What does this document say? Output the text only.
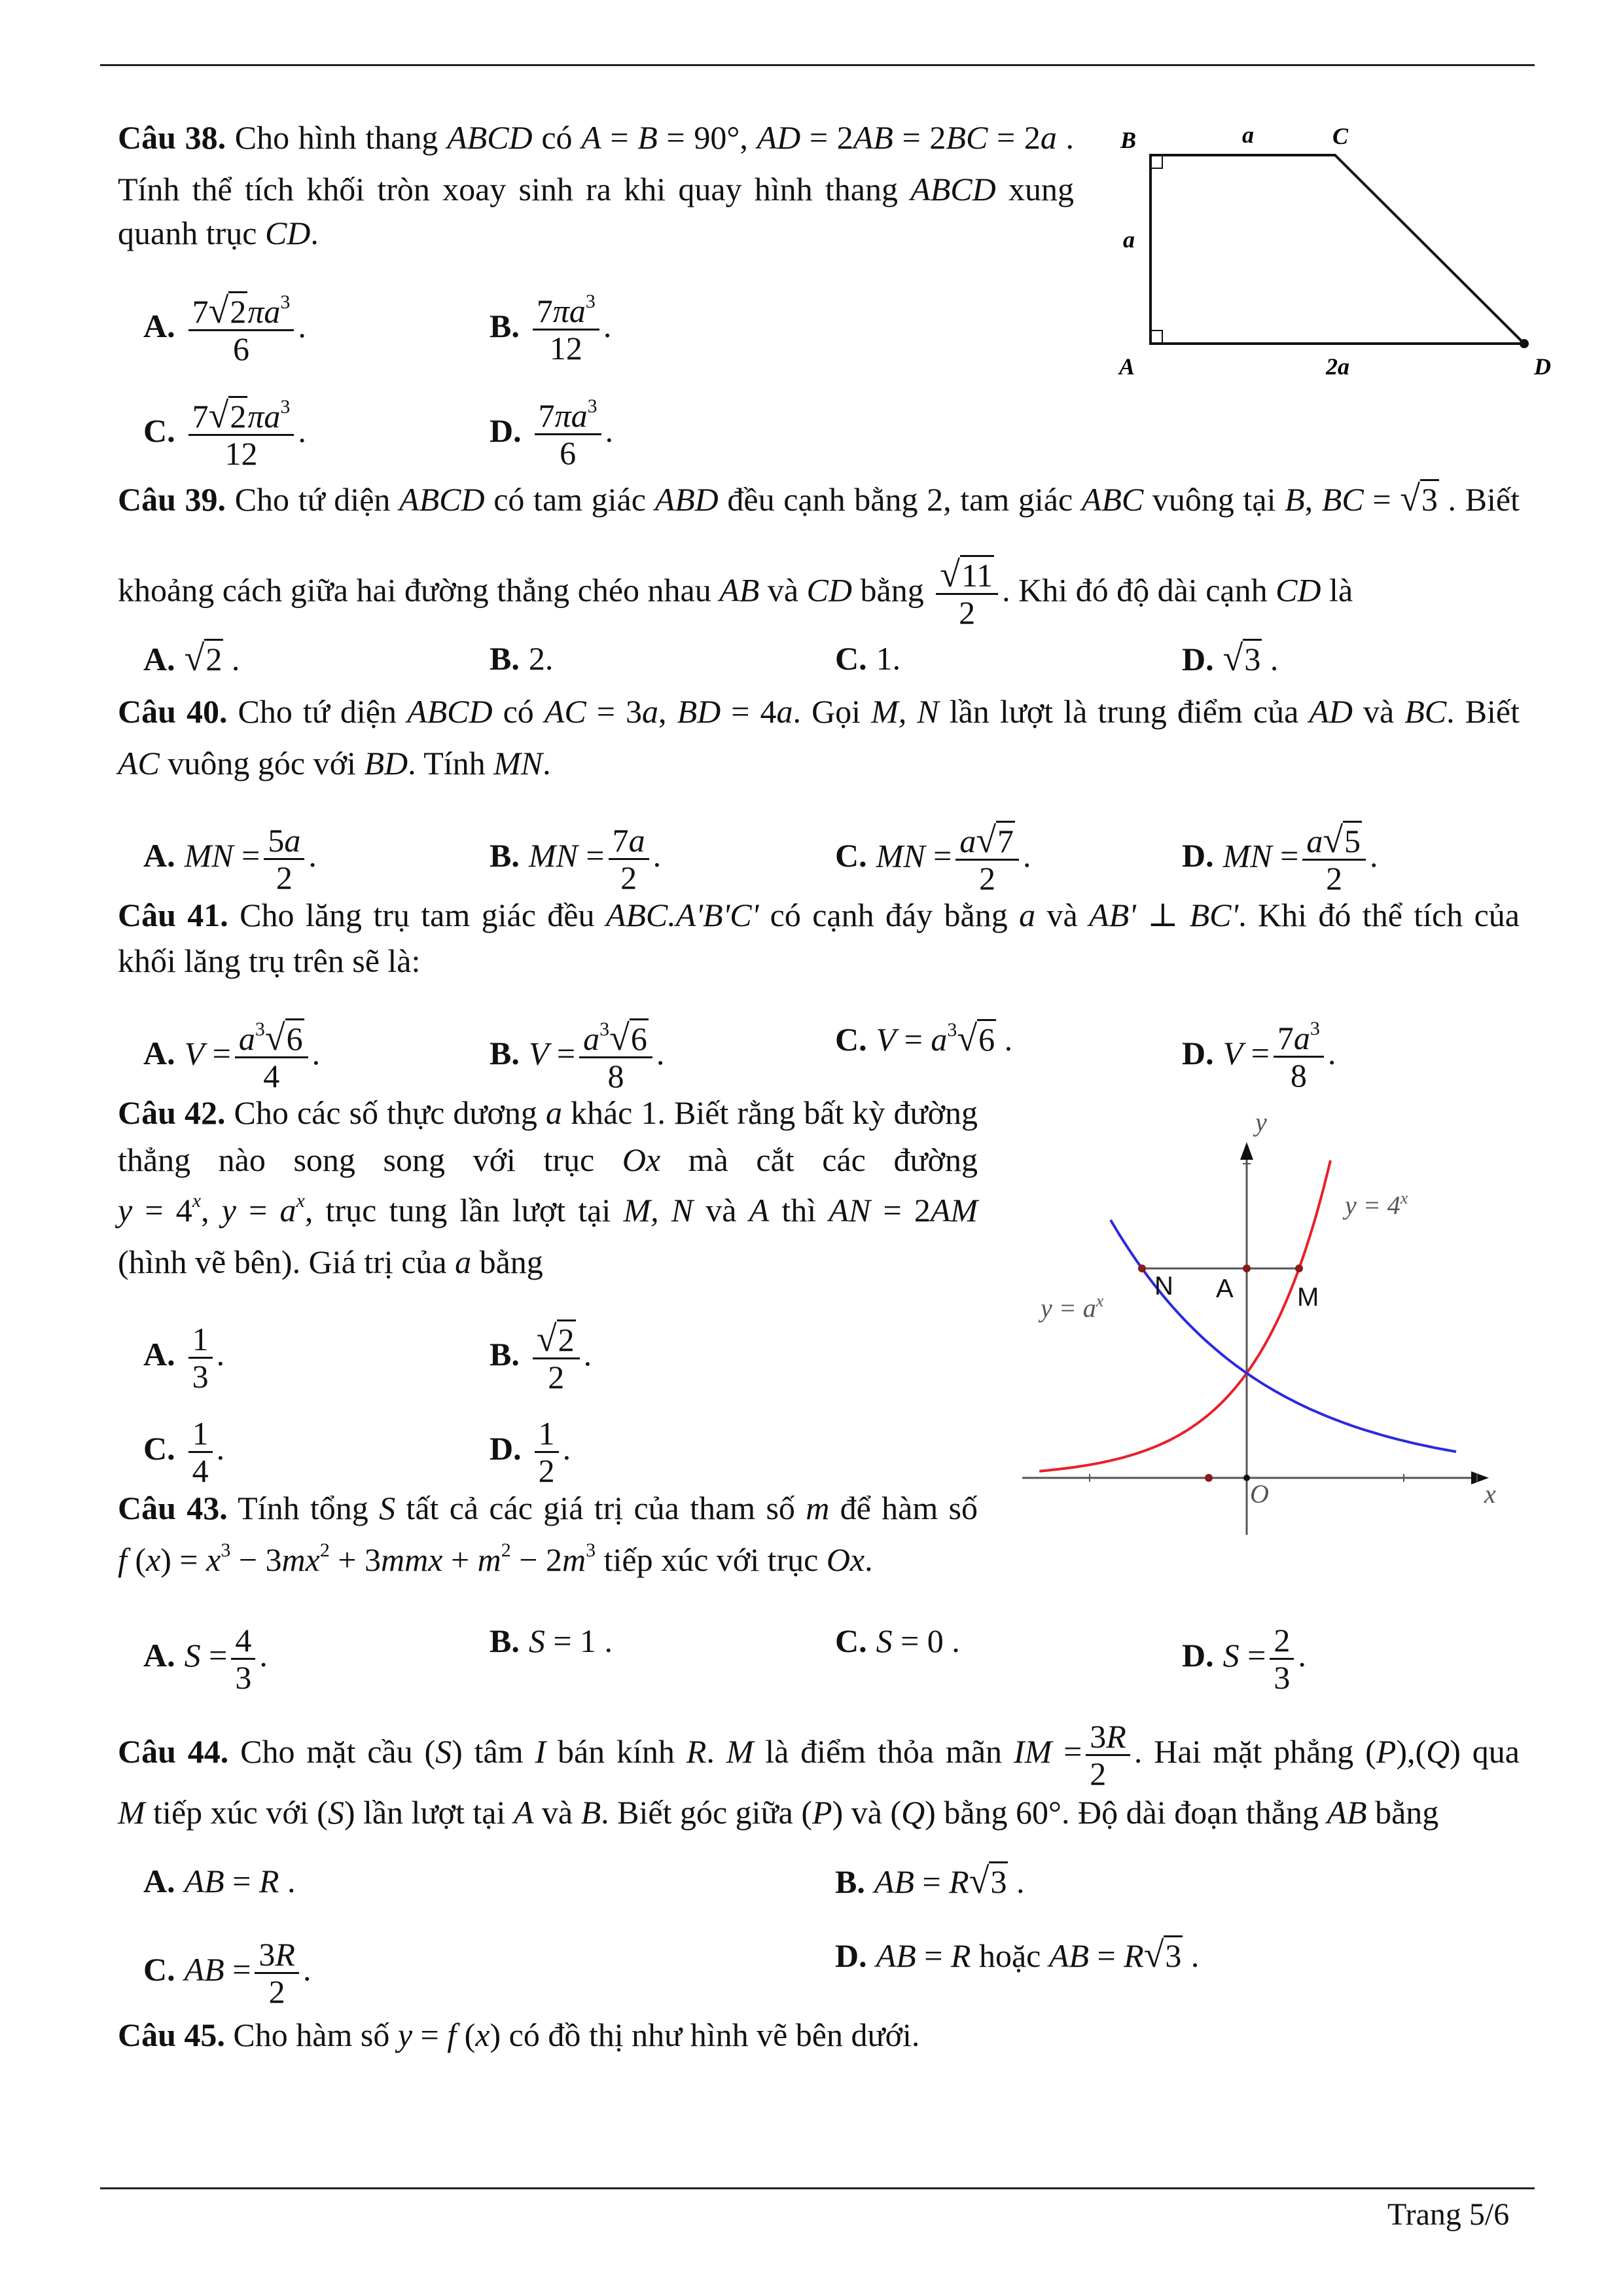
Câu 38. Cho hình thang ABCD có A = B = 90°, AD = 2AB = 2BC = 2a .
Tính thể tích khối tròn xoay sinh ra khi quay hình thang ABCD xung
quanh trục CD.
A. $\frac{7√2\pi a^3}{6}$ .	B. $\frac{7\pi a^3}{12}$ .
C. $\frac{7√2\pi a^3}{12}$ .	D. $\frac{7\pi a^3}{6}$ .
Câu 39. Cho tứ diện ABCD có tam giác ABD đều cạnh bằng 2, tam giác ABC vuông tại B, BC = √3 . Biết
khoảng cách giữa hai đường thẳng chéo nhau AB và CD bằng $\frac{√11}{2}$ . Khi đó độ dài cạnh CD là
A. √2 .	B. 2.	C. 1.	D. √3 .
Câu 40. Cho tứ diện ABCD có AC = 3a, BD = 4a. Gọi M, N lần lượt là trung điểm của AD và BC. Biết
AC vuông góc với BD. Tính MN.
A. MN = $\frac{5a}{2}$ .	B. MN = $\frac{7a}{2}$ .	C. MN = $\frac{a√7}{2}$ .	D. MN = $\frac{a√5}{2}$ .
Câu 41. Cho lăng trụ tam giác đều ABC.A'B'C' có cạnh đáy bằng a và AB' ⊥ BC'. Khi đó thể tích của
khối lăng trụ trên sẽ là:
A. $V = \frac{a^3√6}{4}$ .	B. $V = \frac{a^3√6}{8}$ .	C. $V = a^3√6$ .	D. $V = \frac{7a^3}{8}$ .
Câu 42. Cho các số thực dương a khác 1. Biết rằng bất kỳ đường
thẳng nào song song với trục Ox mà cắt các đường
$y = 4^x$, $y = a^x$, trục tung lần lượt tại M, N và A thì AN = 2AM
(hình vẽ bên). Giá trị của a bằng
A. $\frac{1}{3}$ .	B. $\frac{√2}{2}$ .
C. $\frac{1}{4}$ .	D. $\frac{1}{2}$ .
Câu 43. Tính tổng S tất cả các giá trị của tham số m để hàm số
f $(x) = x^3 - 3mx^2 + 3mmx + m^2 - 2m^3$ tiếp xúc với trục Ox.
A. $S = \frac{4}{3}$ .	B. S = 1 .	C. S = 0 .	D. $S = \frac{2}{3}$ .
Câu 44. Cho mặt cầu (S) tâm I bán kính R. M là điểm thỏa mãn IM = $\frac{3R}{2}$ . Hai mặt phẳng (P),(Q) qua
M tiếp xúc với (S) lần lượt tại A và B. Biết góc giữa (P) và (Q) bằng 60°. Độ dài đoạn thẳng AB bằng
A. AB = R .	B. AB = R√3 .
C. AB = $\frac{3R}{2}$ .	D. AB = R hoặc AB = R√3 .
Câu 45. Cho hàm số y = f (x) có đồ thị như hình vẽ bên dưới.
B	a	C
a
A	2a	D
y
x
O
$y = 4^x$
$y = a^x$
N A M
Trang 5/6
